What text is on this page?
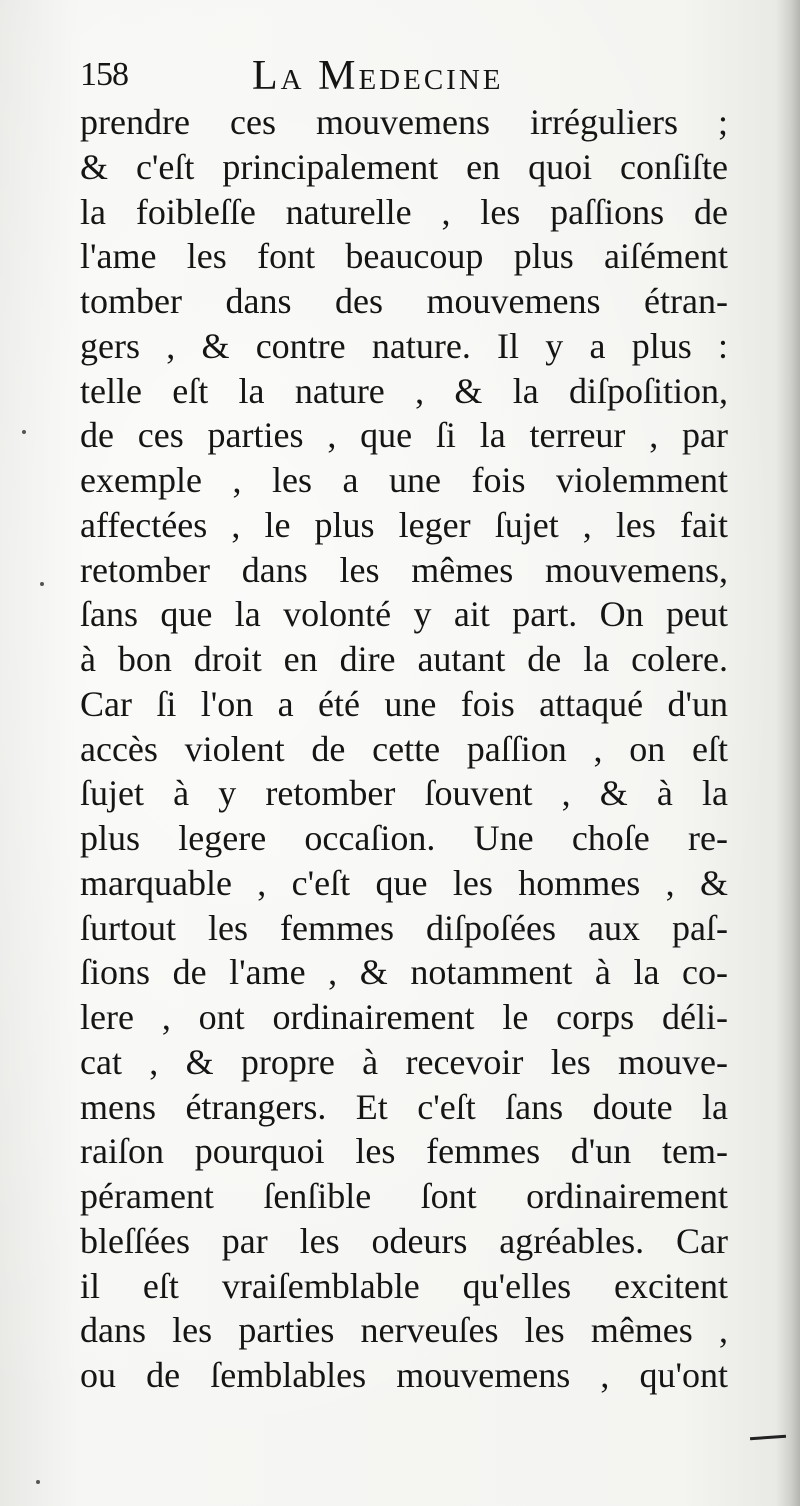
158	La Medecine
prendre ces mouvemens irréguliers ;
& c'eſt principalement en quoi conſiſte
la foibleſſe naturelle , les paſſions de
l'ame les font beaucoup plus aiſément
tomber dans des mouvemens étran-
gers , & contre nature. Il y a plus :
telle eſt la nature , & la diſpoſition,
de ces parties , que ſi la terreur , par
exemple , les a une fois violemment
affectées , le plus leger ſujet , les fait
retomber dans les mêmes mouvemens,
ſans que la volonté y ait part. On peut
à bon droit en dire autant de la colere.
Car ſi l'on a été une fois attaqué d'un
accès violent de cette paſſion , on eſt
ſujet à y retomber ſouvent , & à la
plus legere occaſion. Une choſe re-
marquable , c'eſt que les hommes , &
ſurtout les femmes diſpoſées aux paſ-
ſions de l'ame , & notamment à la co-
lere , ont ordinairement le corps déli-
cat , & propre à recevoir les mouve-
mens étrangers. Et c'eſt ſans doute la
raiſon pourquoi les femmes d'un tem-
pérament ſenſible ſont ordinairement
bleſſées par les odeurs agréables. Car
il eſt vraiſemblable qu'elles excitent
dans les parties nerveuſes les mêmes ,
ou de ſemblables mouvemens , qu'ont
